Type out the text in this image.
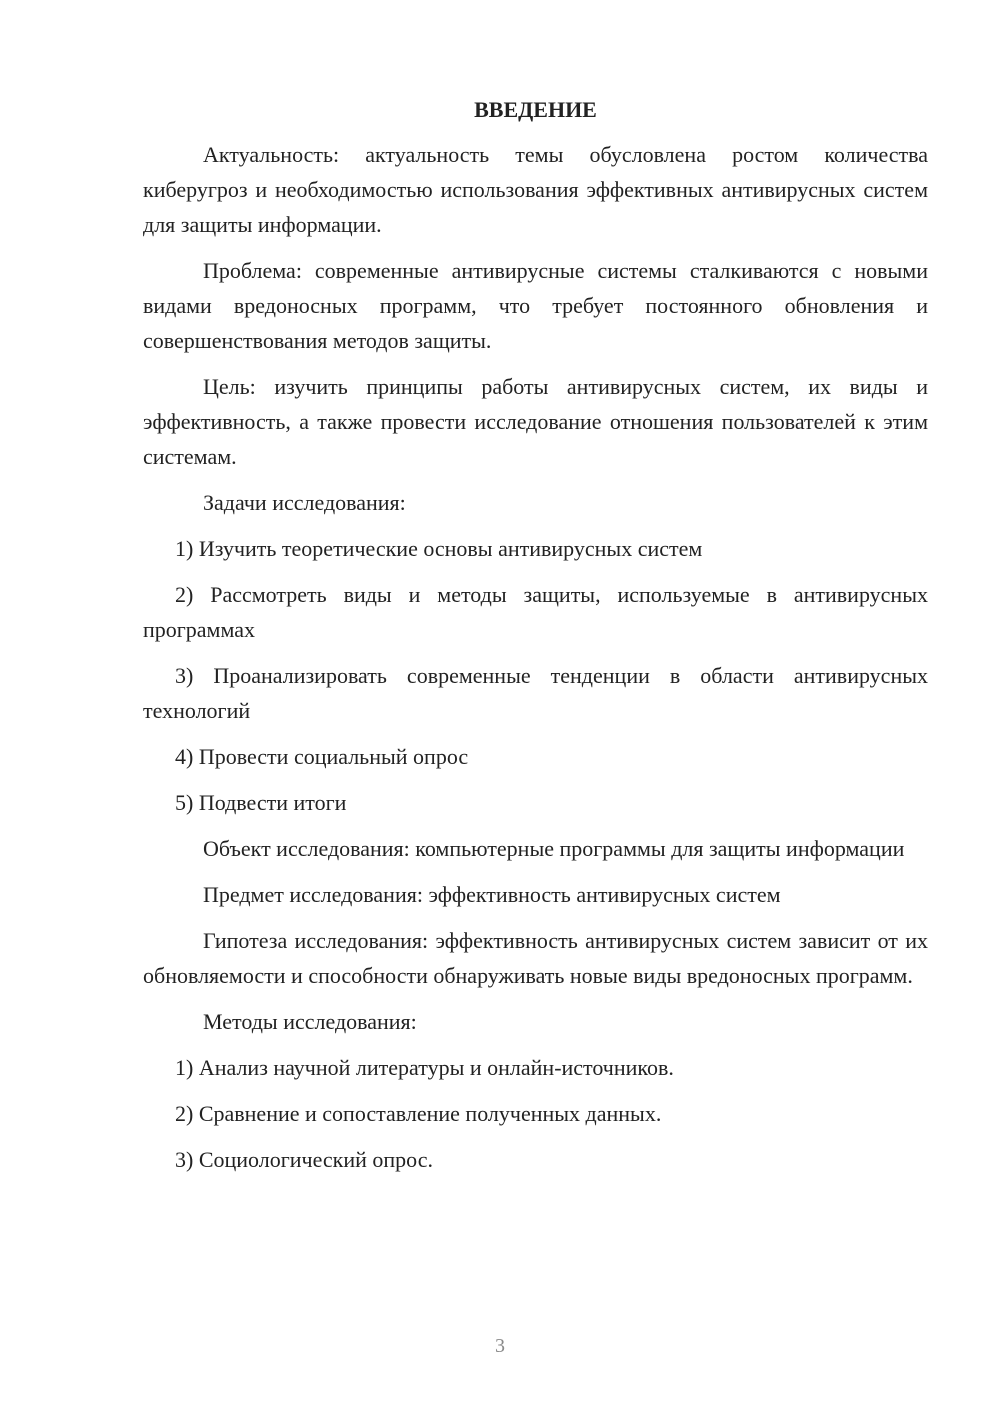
ВВЕДЕНИЕ
Актуальность: актуальность темы обусловлена ростом количества киберугроз и необходимостью использования эффективных антивирусных систем для защиты информации.
Проблема: современные антивирусные системы сталкиваются с новыми видами вредоносных программ, что требует постоянного обновления и совершенствования методов защиты.
Цель: изучить принципы работы антивирусных систем, их виды и эффективность, а также провести исследование отношения пользователей к этим системам.
Задачи исследования:
1) Изучить теоретические основы антивирусных систем
2) Рассмотреть виды и методы защиты, используемые в антивирусных программах
3) Проанализировать современные тенденции в области антивирусных технологий
4) Провести социальный опрос
5) Подвести итоги
Объект исследования: компьютерные программы для защиты информации
Предмет исследования: эффективность антивирусных систем
Гипотеза исследования: эффективность антивирусных систем зависит от их обновляемости и способности обнаруживать новые виды вредоносных программ.
Методы исследования:
1) Анализ научной литературы и онлайн-источников.
2) Сравнение и сопоставление полученных данных.
3) Социологический опрос.
3
